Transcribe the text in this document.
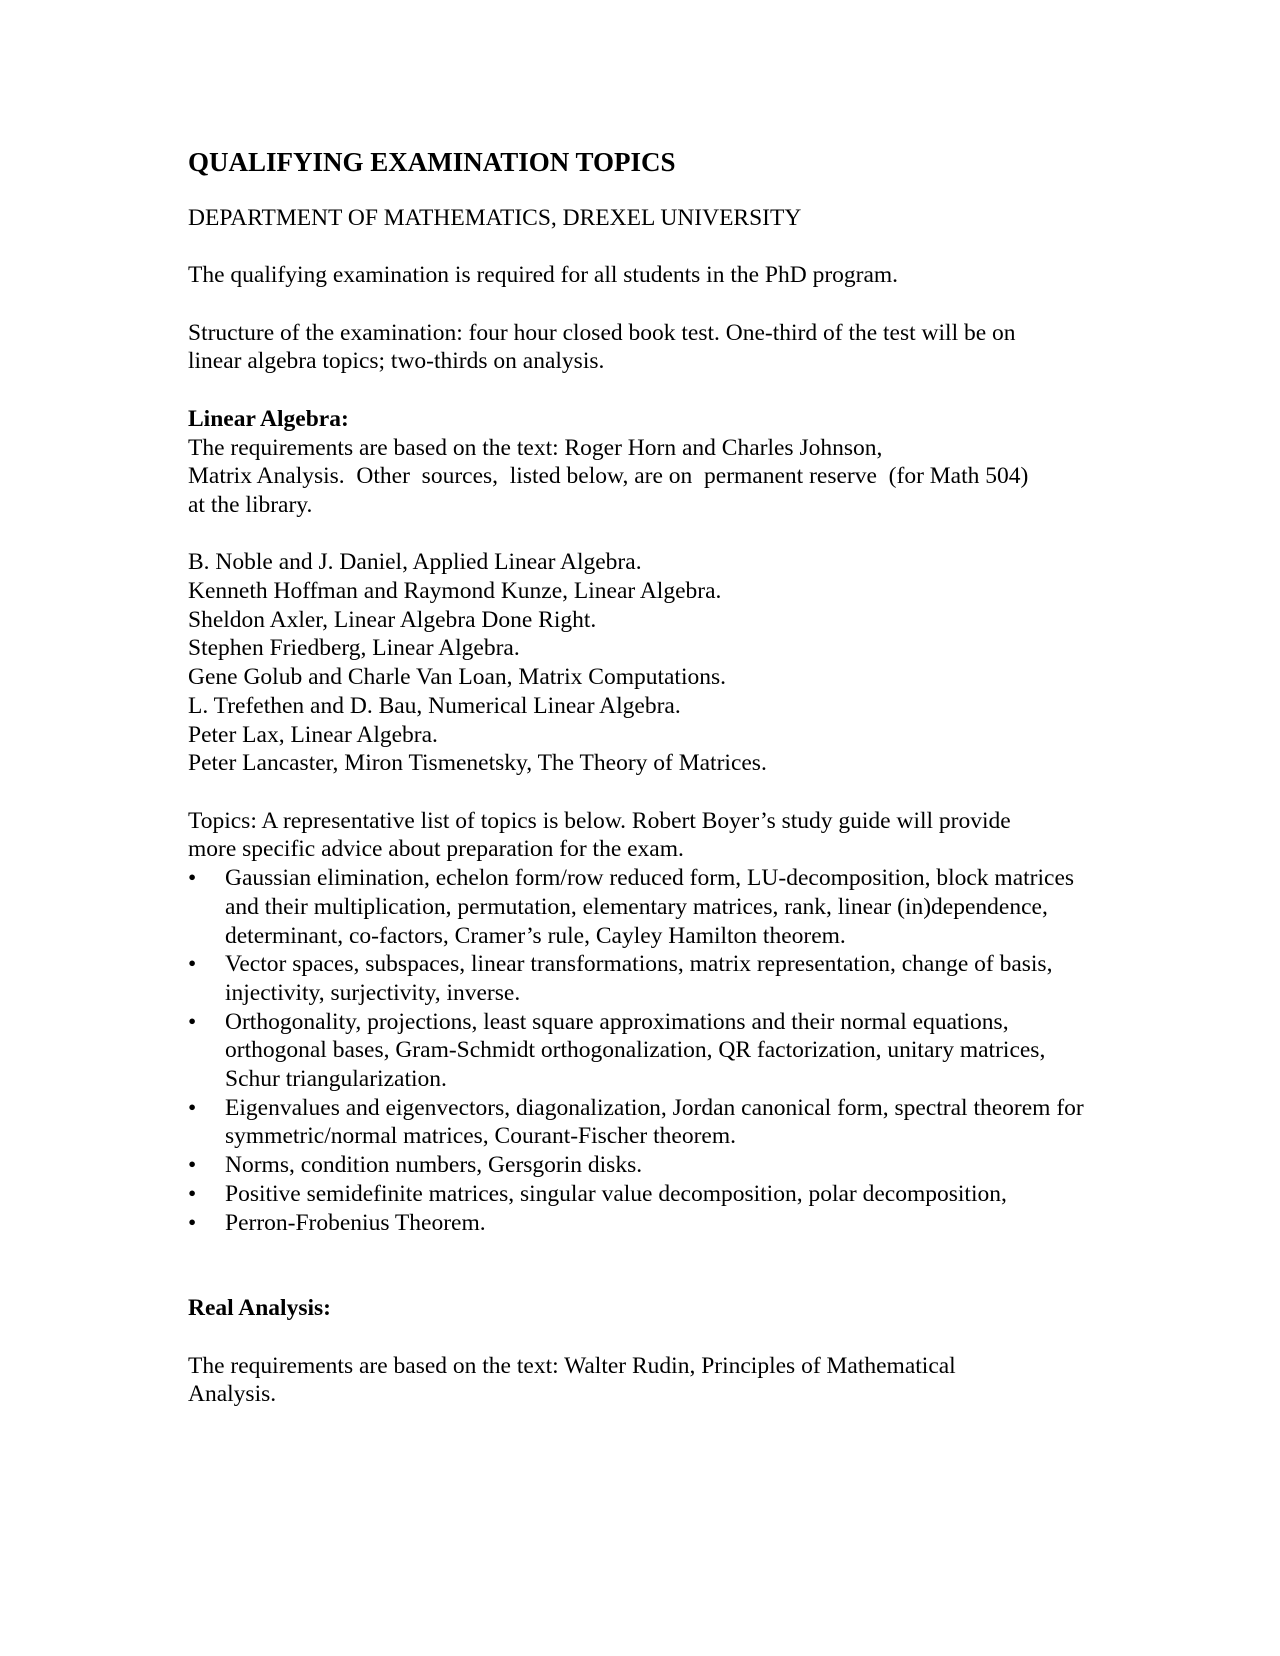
QUALIFYING EXAMINATION TOPICS

DEPARTMENT OF MATHEMATICS, DREXEL UNIVERSITY

The qualifying examination is required for all students in the PhD program.

Structure of the examination: four hour closed book test. One-third of the test will be on
linear algebra topics; two-thirds on analysis.
Linear Algebra:
The requirements are based on the text: Roger Horn and Charles Johnson,
Matrix Analysis.  Other  sources,  listed below, are on  permanent reserve  (for Math 504)
at the library.
B. Noble and J. Daniel, Applied Linear Algebra.
Kenneth Hoffman and Raymond Kunze, Linear Algebra.
Sheldon Axler, Linear Algebra Done Right.
Stephen Friedberg, Linear Algebra.
Gene Golub and Charle Van Loan, Matrix Computations.
L. Trefethen and D. Bau, Numerical Linear Algebra.
Peter Lax, Linear Algebra.
Peter Lancaster, Miron Tismenetsky, The Theory of Matrices.
Topics: A representative list of topics is below. Robert Boyer’s study guide will provide
more specific advice about preparation for the exam.
• Gaussian elimination, echelon form/row reduced form, LU-decomposition, block matrices and their multiplication, permutation, elementary matrices, rank, linear (in)dependence, determinant, co-factors, Cramer’s rule, Cayley Hamilton theorem.
• Vector spaces, subspaces, linear transformations, matrix representation, change of basis, injectivity, surjectivity, inverse.
• Orthogonality, projections, least square approximations and their normal equations, orthogonal bases, Gram-Schmidt orthogonalization, QR factorization, unitary matrices, Schur triangularization.
• Eigenvalues and eigenvectors, diagonalization, Jordan canonical form, spectral theorem for symmetric/normal matrices, Courant-Fischer theorem.
• Norms, condition numbers, Gersgorin disks.
• Positive semidefinite matrices, singular value decomposition, polar decomposition,
• Perron-Frobenius Theorem.
Real Analysis:
The requirements are based on the text: Walter Rudin, Principles of Mathematical
Analysis.
